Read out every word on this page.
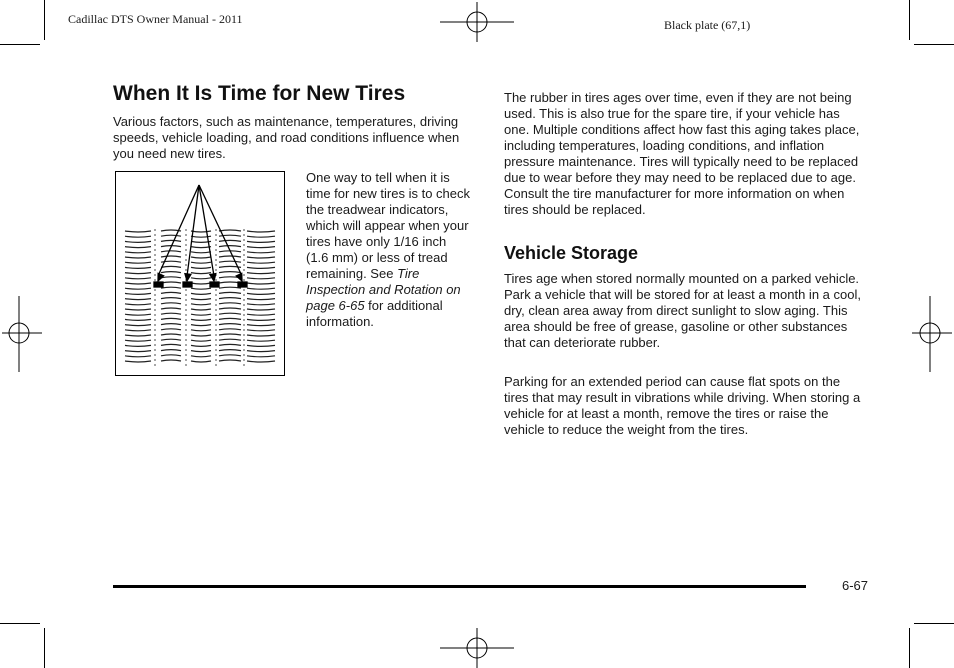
Cadillac DTS Owner Manual - 2011	Black plate (67,1)
When It Is Time for New Tires

Various factors, such as maintenance, temperatures, driving speeds, vehicle loading, and road conditions influence when you need new tires.

One way to tell when it is time for new tires is to check the treadwear indicators, which will appear when your tires have only 1/16 inch (1.6 mm) or less of tread remaining. See Tire Inspection and Rotation on page 6-65 for additional information.

The rubber in tires ages over time, even if they are not being used. This is also true for the spare tire, if your vehicle has one. Multiple conditions affect how fast this aging takes place, including temperatures, loading conditions, and inflation pressure maintenance. Tires will typically need to be replaced due to wear before they may need to be replaced due to age. Consult the tire manufacturer for more information on when tires should be replaced.

Vehicle Storage

Tires age when stored normally mounted on a parked vehicle. Park a vehicle that will be stored for at least a month in a cool, dry, clean area away from direct sunlight to slow aging. This area should be free of grease, gasoline or other substances that can deteriorate rubber.

Parking for an extended period can cause flat spots on the tires that may result in vibrations while driving. When storing a vehicle for at least a month, remove the tires or raise the vehicle to reduce the weight from the tires.

6-67
